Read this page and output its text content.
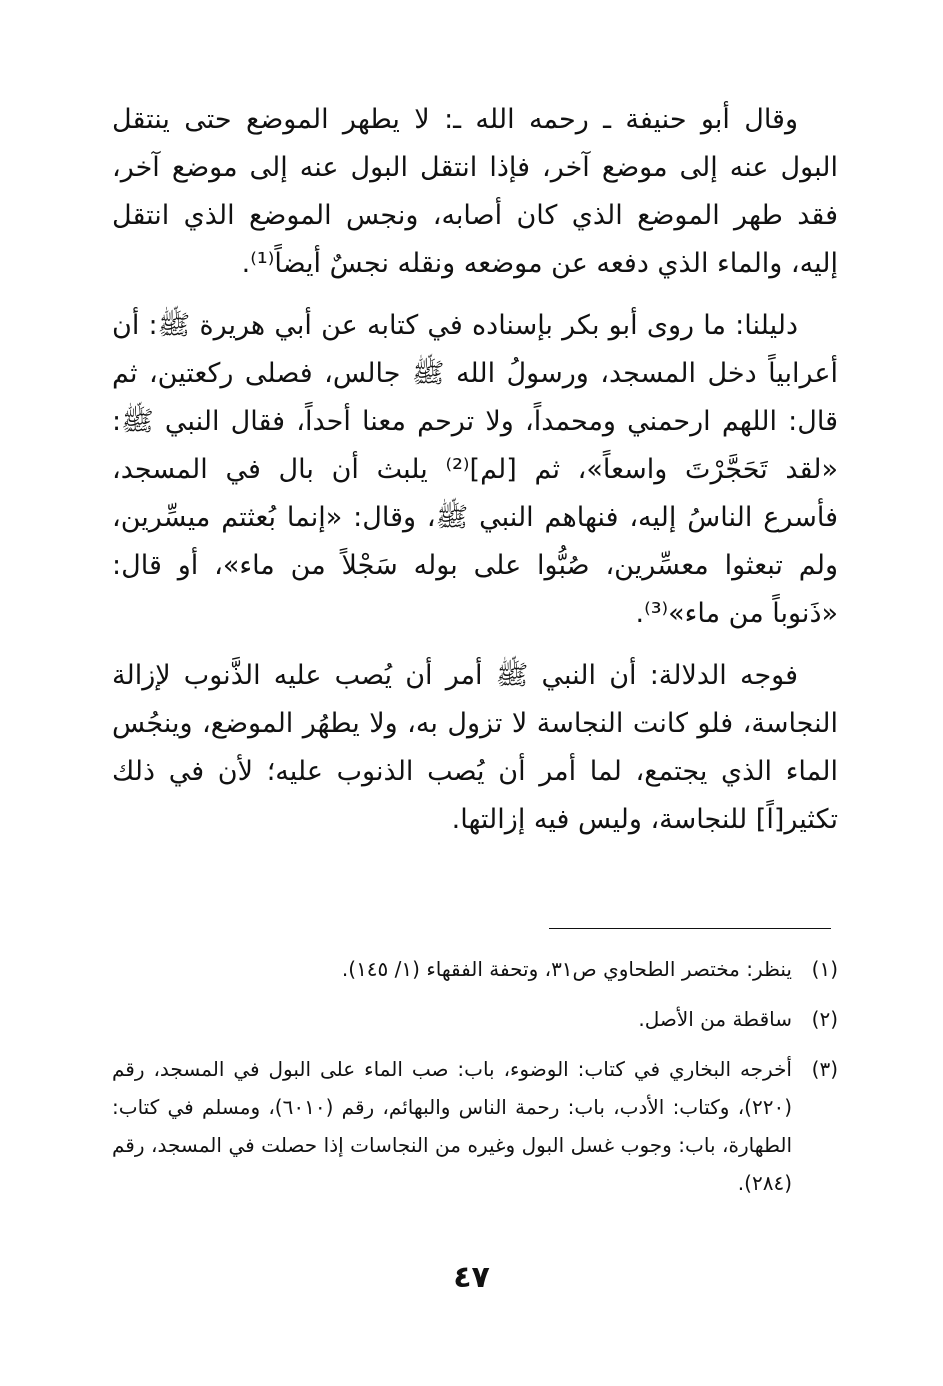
وقال أبو حنيفة ـ رحمه الله ـ: لا يطهر الموضع حتى ينتقل البول عنه إلى موضع آخر، فإذا انتقل البول عنه إلى موضع آخر، فقد طهر الموضع الذي كان أصابه، ونجس الموضع الذي انتقل إليه، والماء الذي دفعه عن موضعه ونقله نجسٌ أيضاً⁽¹⁾.

دليلنا: ما روى أبو بكر بإسناده في كتابه عن أبي هريرة ﷺ: أن أعرابياً دخل المسجد، ورسولُ الله ﷺ جالس، فصلى ركعتين، ثم قال: اللهم ارحمني ومحمداً، ولا ترحم معنا أحداً، فقال النبي ﷺ: «لقد تَحَجَّرْتَ واسعاً»، ثم [لم]⁽²⁾ يلبث أن بال في المسجد، فأسرع الناسُ إليه، فنهاهم النبي ﷺ، وقال: «إنما بُعثتم ميسِّرين، ولم تبعثوا معسِّرين، صُبُّوا على بوله سَجْلاً من ماء»، أو قال: «ذَنوباً من ماء»⁽³⁾.

فوجه الدلالة: أن النبي ﷺ أمر أن يُصب عليه الذَّنوب لإزالة النجاسة، فلو كانت النجاسة لا تزول به، ولا يطهُر الموضع، وينجُس الماء الذي يجتمع، لما أمر أن يُصب الذنوب عليه؛ لأن في ذلك تكثير[اً] للنجاسة، وليس فيه إزالتها.

(١)
ينظر: مختصر الطحاوي ص٣١، وتحفة الفقهاء (١/ ١٤٥).
(٢)
ساقطة من الأصل.
(٣)
أخرجه البخاري في كتاب: الوضوء، باب: صب الماء على البول في المسجد، رقم (٢٢٠)، وكتاب: الأدب، باب: رحمة الناس والبهائم، رقم (٦٠١٠)، ومسلم في كتاب: الطهارة، باب: وجوب غسل البول وغيره من النجاسات إذا حصلت في المسجد، رقم (٢٨٤).
٤٧
